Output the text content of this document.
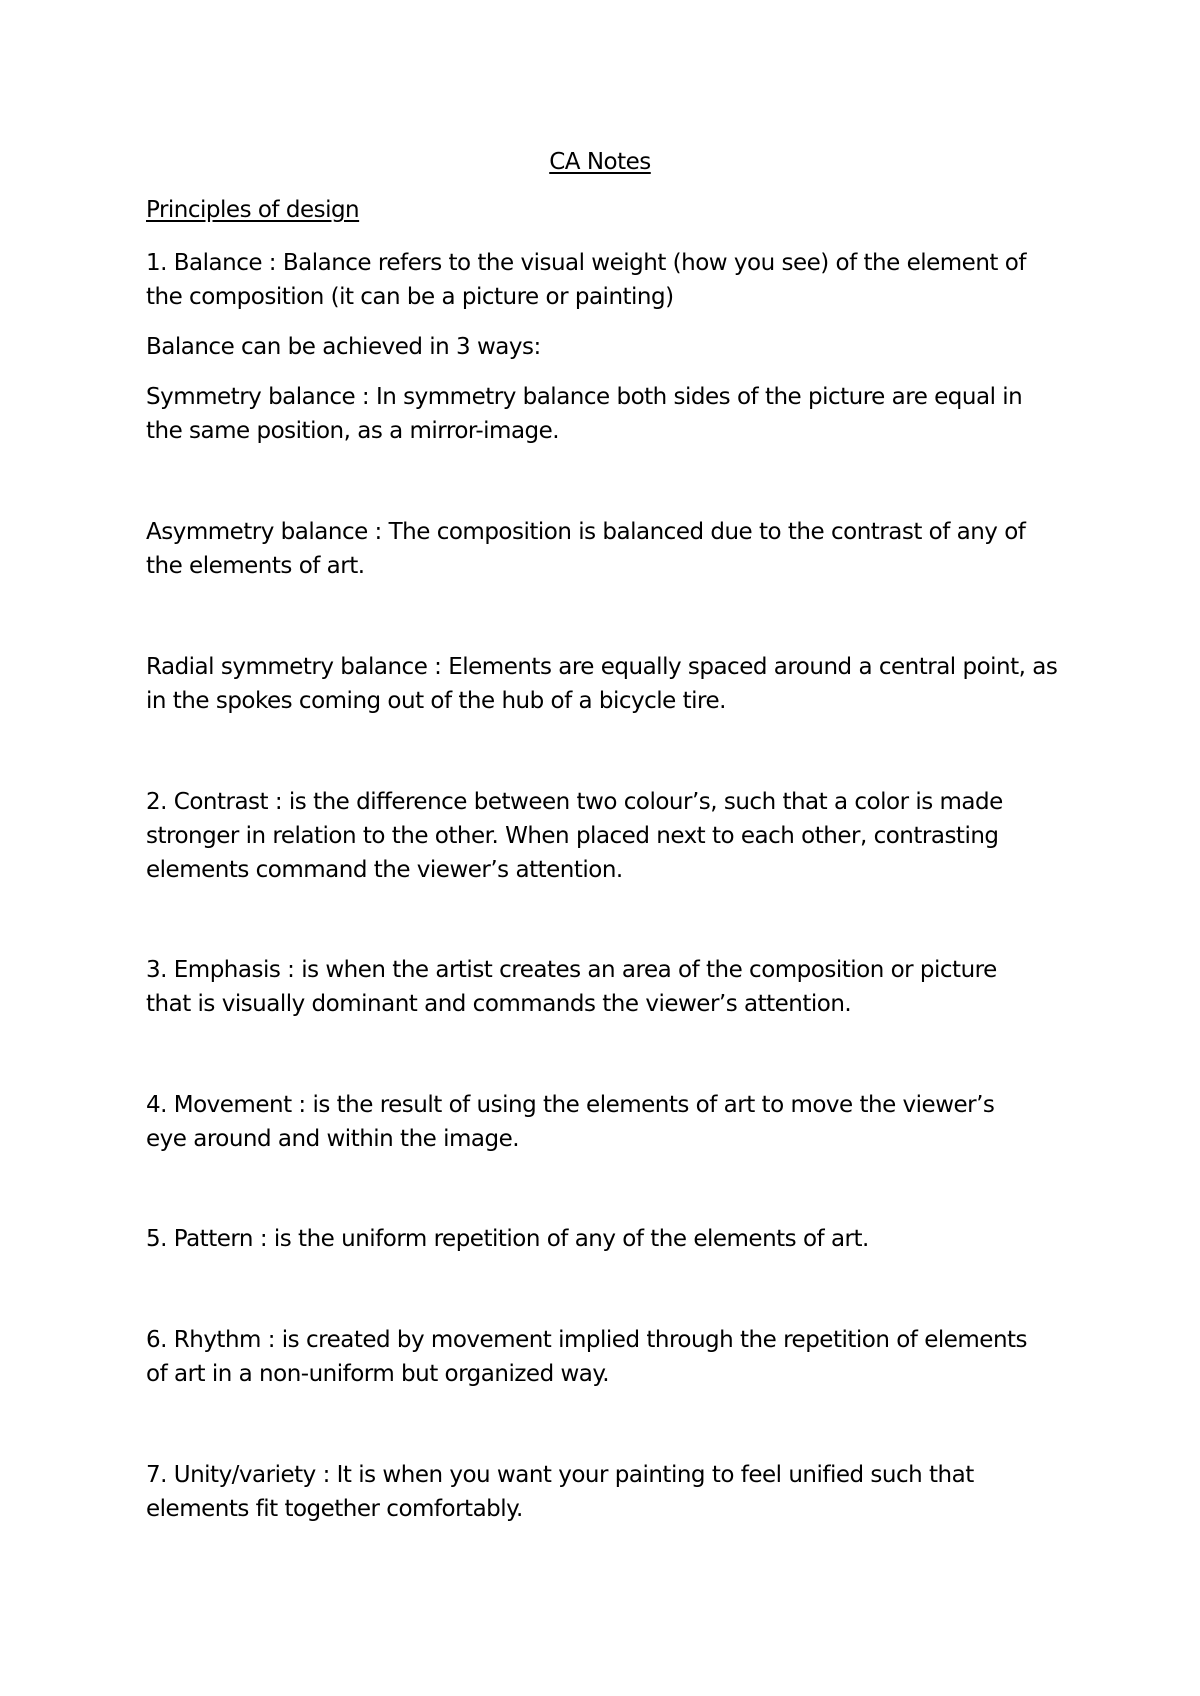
CA Notes
Principles of design
1. Balance : Balance refers to the visual weight (how you see) of the element of
the composition (it can be a picture or painting)
Balance can be achieved in 3 ways:
Symmetry balance : In symmetry balance both sides of the picture are equal in
the same position, as a mirror-image.
Asymmetry balance : The composition is balanced due to the contrast of any of
the elements of art.
Radial symmetry balance : Elements are equally spaced around a central point, as
in the spokes coming out of the hub of a bicycle tire.
2. Contrast : is the difference between two colour’s, such that a color is made
stronger in relation to the other. When placed next to each other, contrasting
elements command the viewer’s attention.
3. Emphasis : is when the artist creates an area of the composition or picture
that is visually dominant and commands the viewer’s attention.
4. Movement : is the result of using the elements of art to move the viewer’s
eye around and within the image.
5. Pattern : is the uniform repetition of any of the elements of art.
6. Rhythm : is created by movement implied through the repetition of elements
of art in a non-uniform but organized way.
7. Unity/variety : It is when you want your painting to feel unified such that
elements fit together comfortably.
